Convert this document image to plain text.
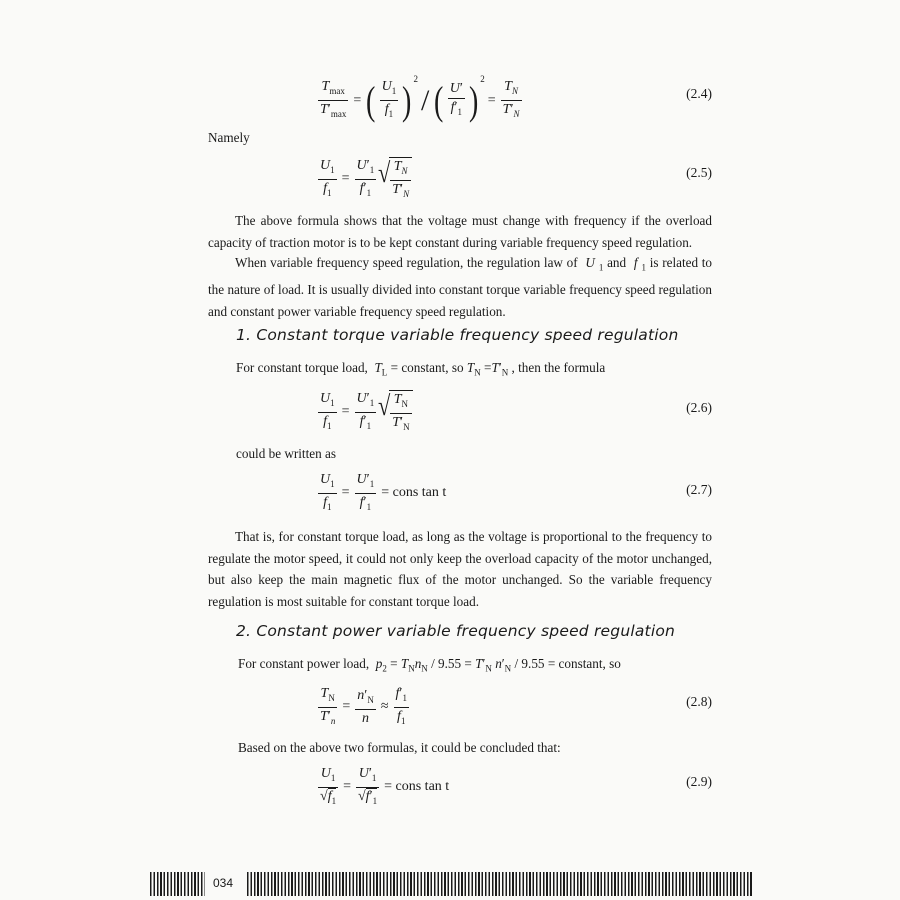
$\frac{T_{max}}{T'_{max}}$ = ( $\frac{U_1}{f_1}$ ) $^2$/ ( $\frac{U'}{f'_1}$ ) $^2= \frac{T_N}{T'_N}$	(2.4)
Namely
$\frac{U_1}{f_1} = \frac{U'_1}{f'_1}$ √ $\frac{T_N}{T'_N}$	(2.5)
The above formula shows that the voltage must change with frequency if the overload capacity of traction motor is to be kept constant during variable frequency speed regulation.
When variable frequency speed regulation, the regulation law of U $_1$ and f $_1$ is related to the nature of load. It is usually divided into constant torque variable frequency speed regulation and constant power variable frequency speed regulation.
1. Constant torque variable frequency speed regulation
For constant torque load, $T_L$ = constant, so $T_N =T'_N$ , then the formula
$\frac{U_1}{f_1} = \frac{U'_1}{f'_1}$ √ $\frac{T_N}{T'_N}$	(2.6)
could be written as
$\frac{U_1}{f_1} = \frac{U'_1}{f'_1}$ = cons tan t	(2.7)
That is, for constant torque load, as long as the voltage is proportional to the frequency to regulate the motor speed, it could not only keep the overload capacity of the motor unchanged, but also keep the main magnetic flux of the motor unchanged. So the variable frequency regulation is most suitable for constant torque load.
2. Constant power variable frequency speed regulation
For constant power load, $p_2 = T_Nn_N / 9.55 = T'_N$ $n'_N / 9.55$ = constant, so
$\frac{T_N}{T'_n} = \frac{n'_N}{n} \approx \frac{f'_1}{f_1}$	(2.8)
Based on the above two formulas, it could be concluded that:
$\frac{U_1}{√f_1} = \frac{U'_1}{√f'_1}$ = cons tan t	(2.9)
034
